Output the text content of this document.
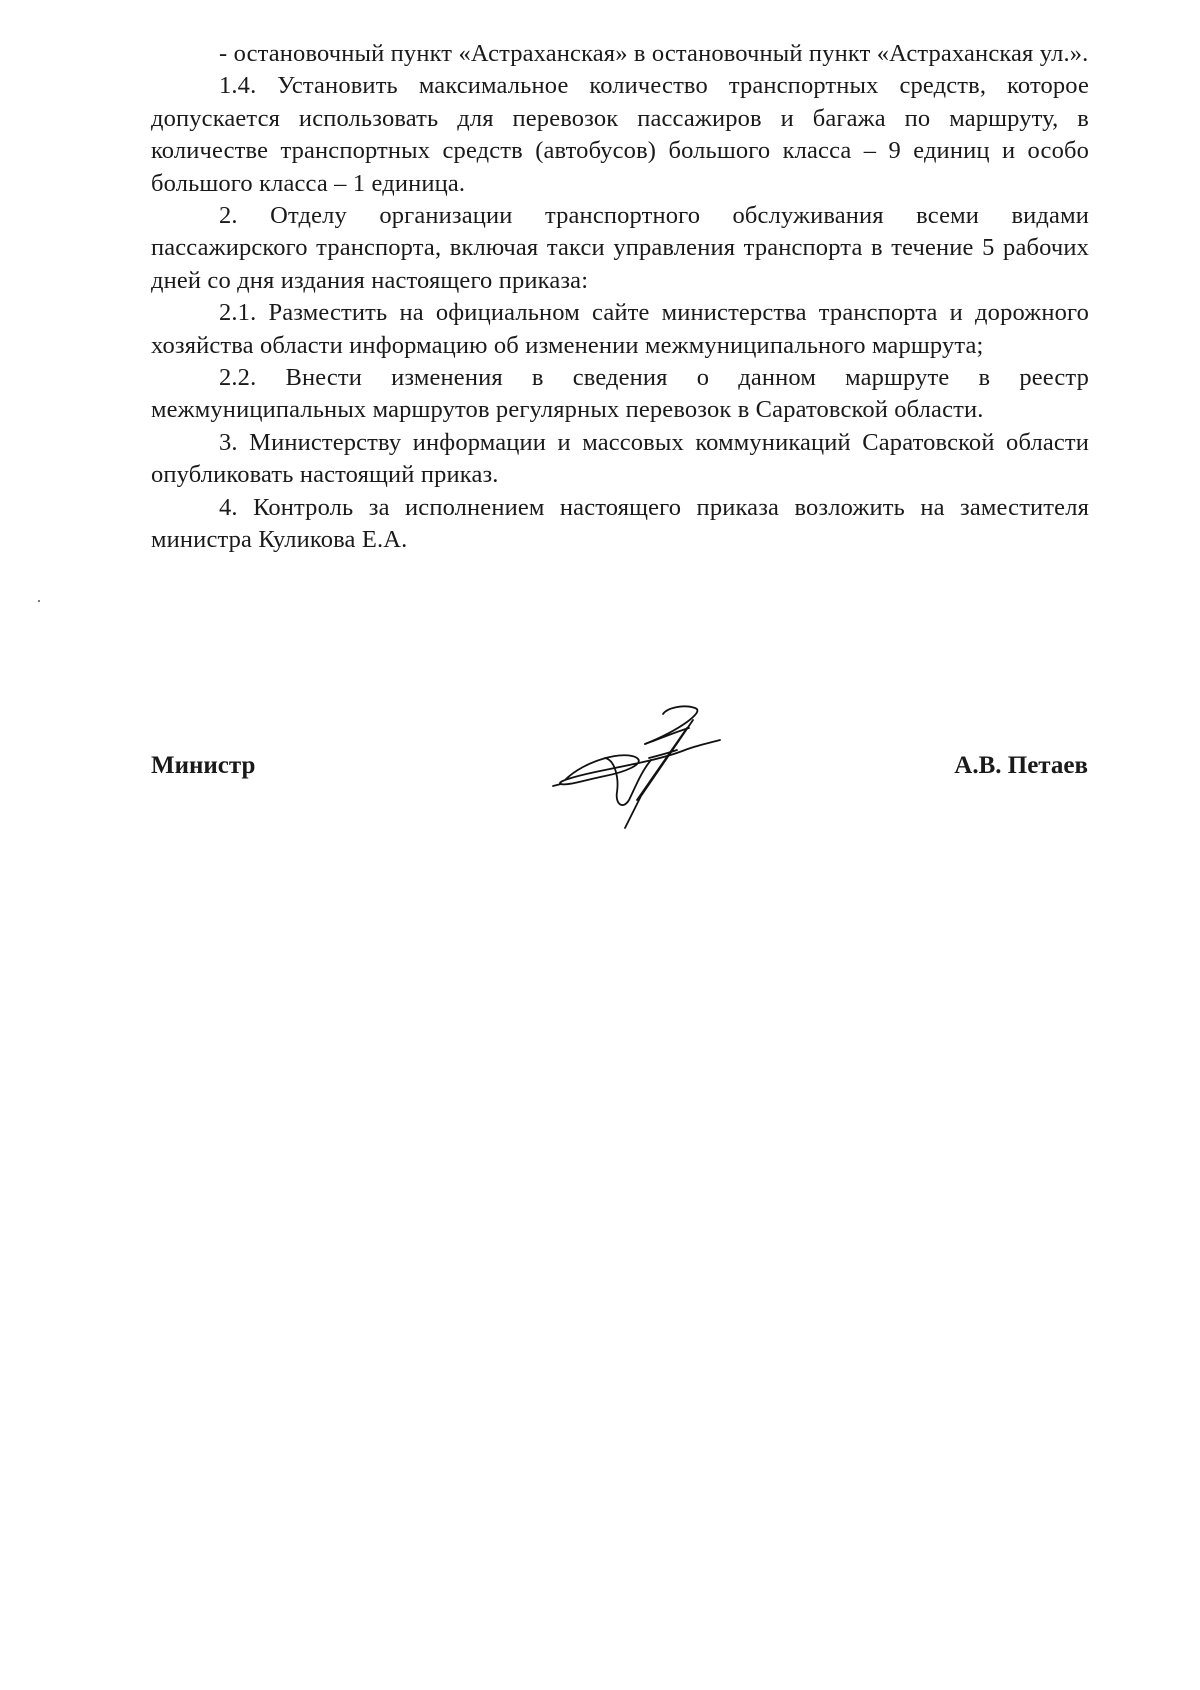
- остановочный пункт «Астраханская» в остановочный пункт «Астраханская ул.».

1.4. Установить максимальное количество транспортных средств, которое допускается использовать для перевозок пассажиров и багажа по маршруту, в количестве транспортных средств (автобусов) большого класса – 9 единиц и особо большого класса – 1 единица.

2. Отделу организации транспортного обслуживания всеми видами пассажирского транспорта, включая такси управления транспорта в течение 5 рабочих дней со дня издания настоящего приказа:

2.1. Разместить на официальном сайте министерства транспорта и дорожного хозяйства области информацию об изменении межмуниципального маршрута;

2.2. Внести изменения в сведения о данном маршруте в реестр межмуниципальных маршрутов регулярных перевозок в Саратовской области.

3. Министерству информации и массовых коммуникаций Саратовской области опубликовать настоящий приказ.

4. Контроль за исполнением настоящего приказа возложить на заместителя министра Куликова Е.А.

Министр	А.В. Петаев
